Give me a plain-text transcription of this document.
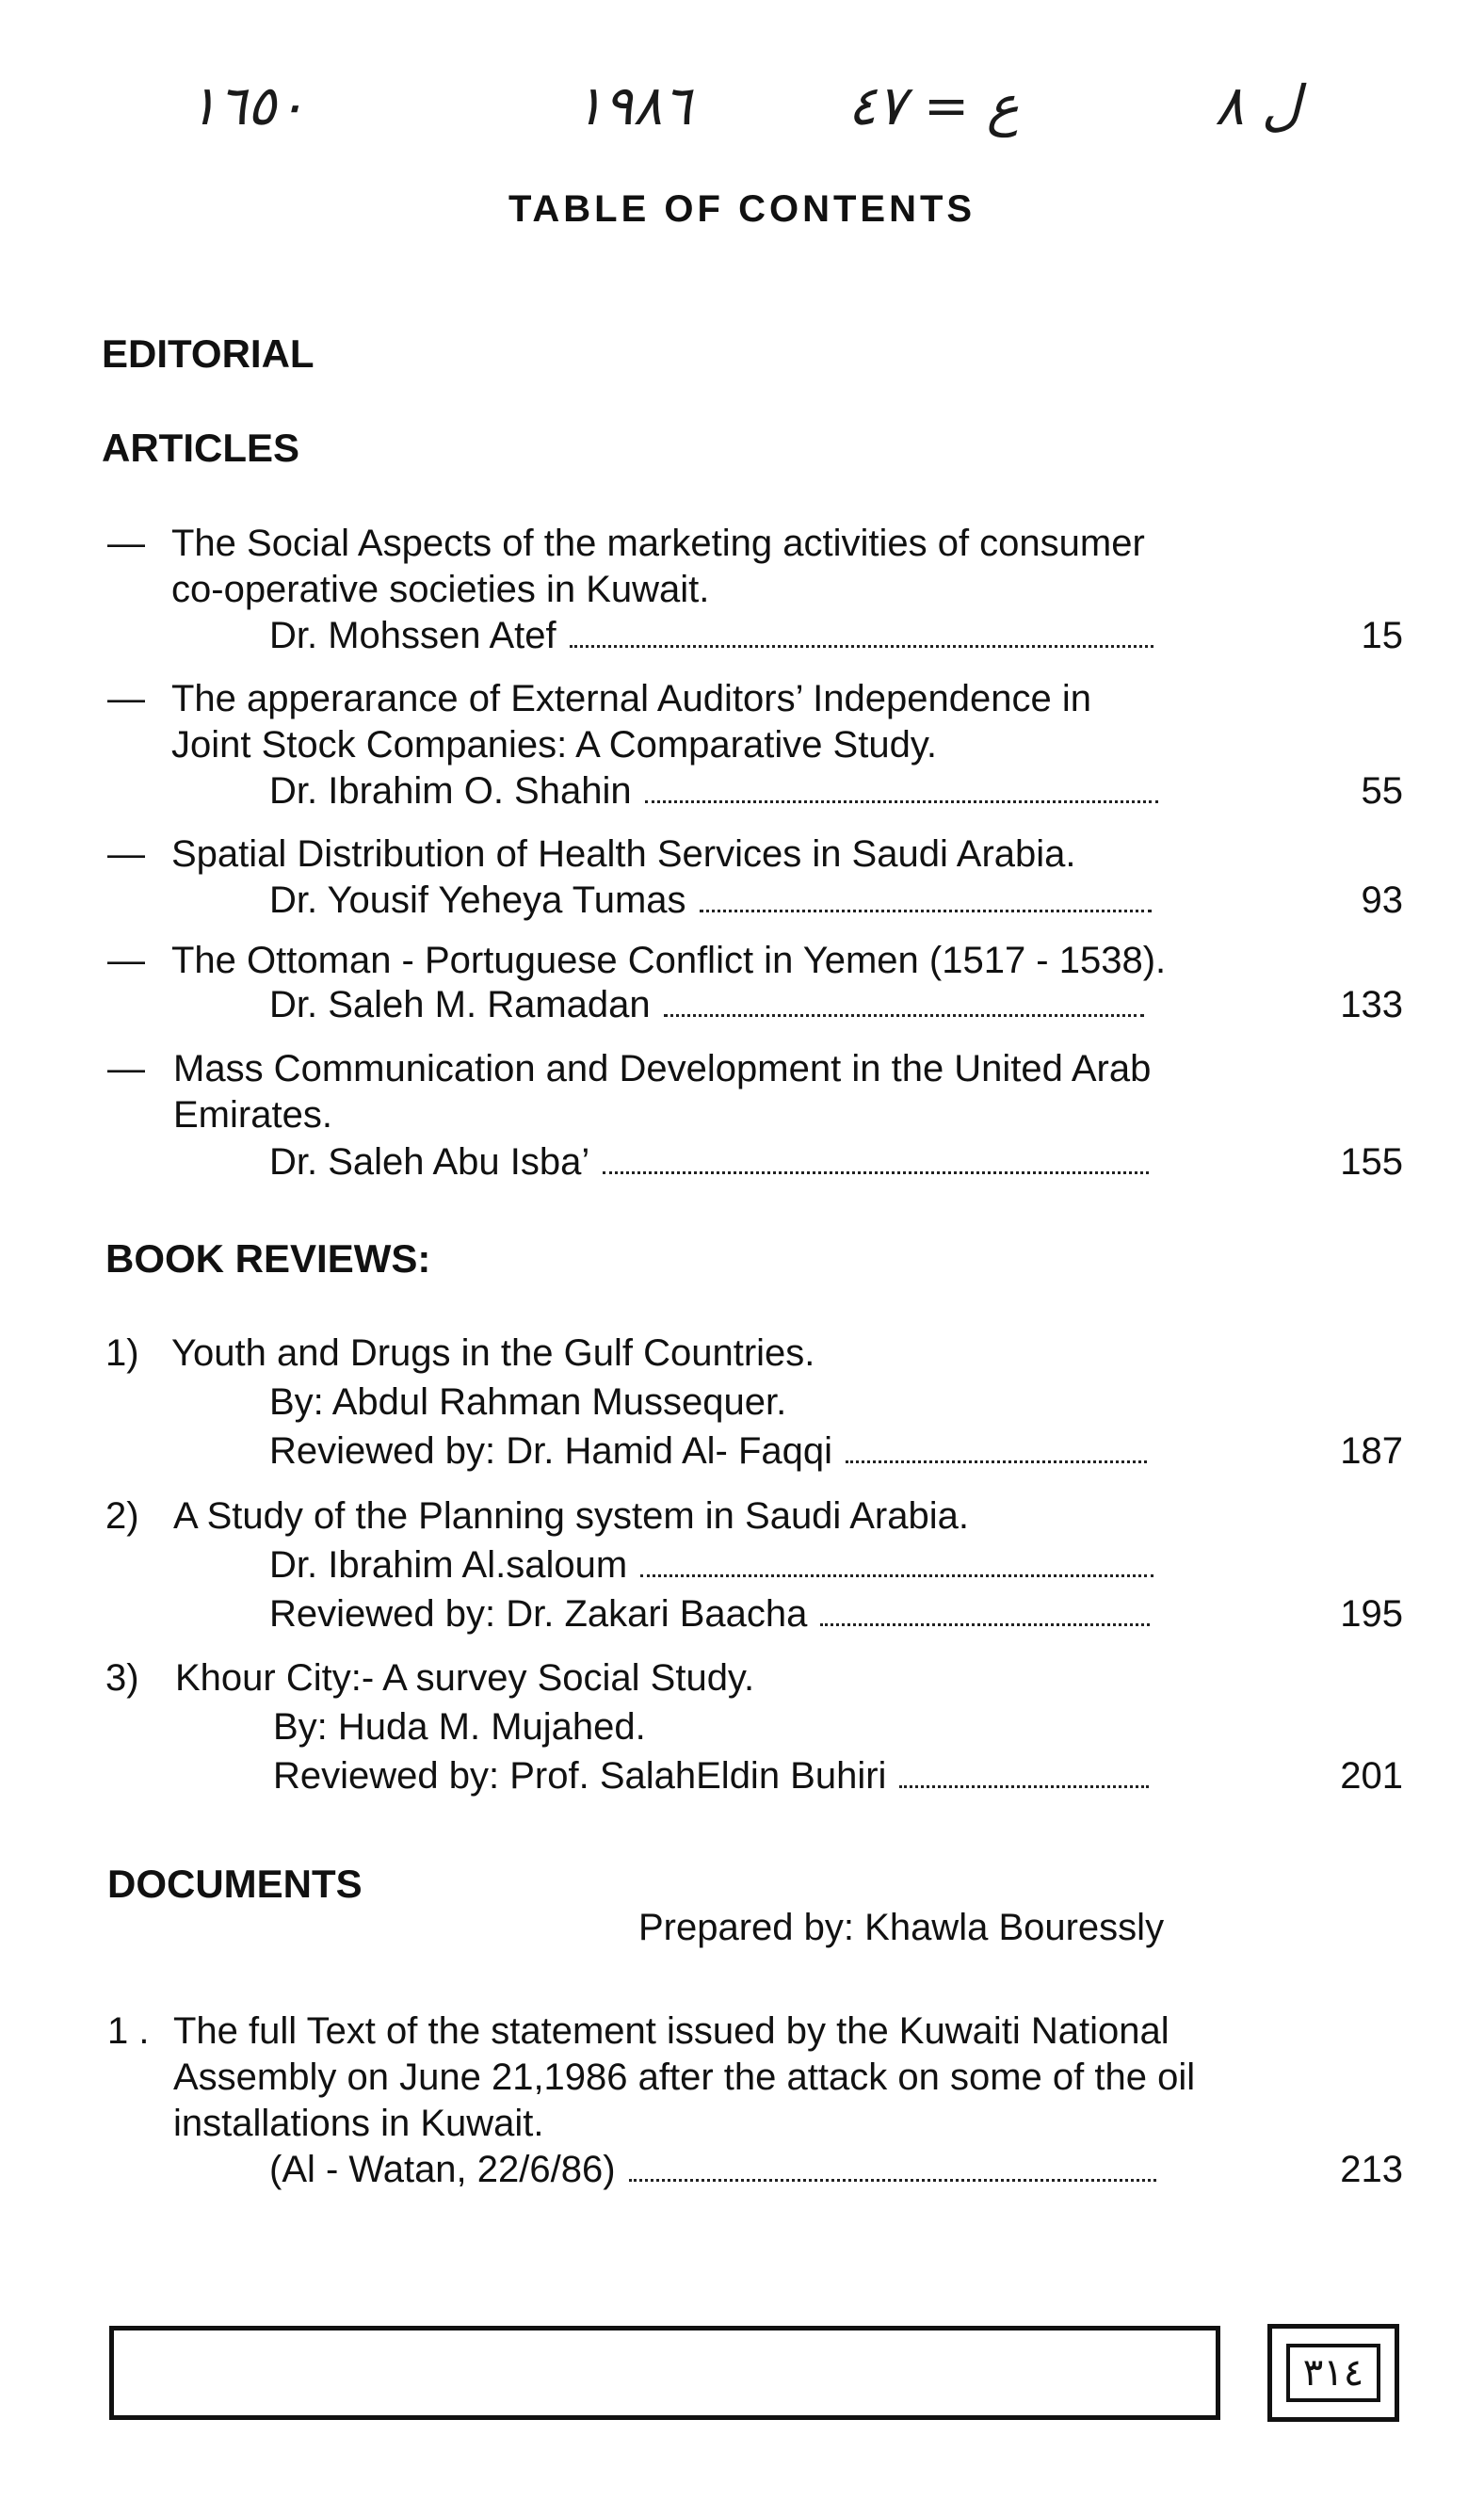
۱٦٥۰	۱۹۸٦	ع = ٤٧	ل ۸
TABLE OF CONTENTS
EDITORIAL
ARTICLES
— The Social Aspects of the marketing activities of consumer
co-operative societies in Kuwait.
Dr. Mohssen Atef	15
— The apperarance of External Auditors’ Independence in
Joint Stock Companies: A Comparative Study.
Dr. Ibrahim O. Shahin	55
— Spatial Distribution of Health Services in Saudi Arabia.
Dr. Yousif Yeheya Tumas	93
— The Ottoman - Portuguese Conflict in Yemen (1517 - 1538).
Dr. Saleh M. Ramadan	133
— Mass Communication and Development in the United Arab
Emirates.
Dr. Saleh Abu Isba’	155
BOOK REVIEWS:
1) Youth and Drugs in the Gulf Countries.
By: Abdul Rahman Mussequer.
Reviewed by: Dr. Hamid Al- Faqqi	187
2) A Study of the Planning system in Saudi Arabia.
Dr. Ibrahim Al.saloum
Reviewed by: Dr. Zakari Baacha	195
3) Khour City:- A survey Social Study.
By: Huda M. Mujahed.
Reviewed by: Prof. SalahEldin Buhiri	201
DOCUMENTS
Prepared by: Khawla Bouressly
1 . The full Text of the statement issued by the Kuwaiti National
Assembly on June 21,1986 after the attack on some of the oil
installations in Kuwait.
(Al - Watan, 22/6/86)	213
٣١٤
